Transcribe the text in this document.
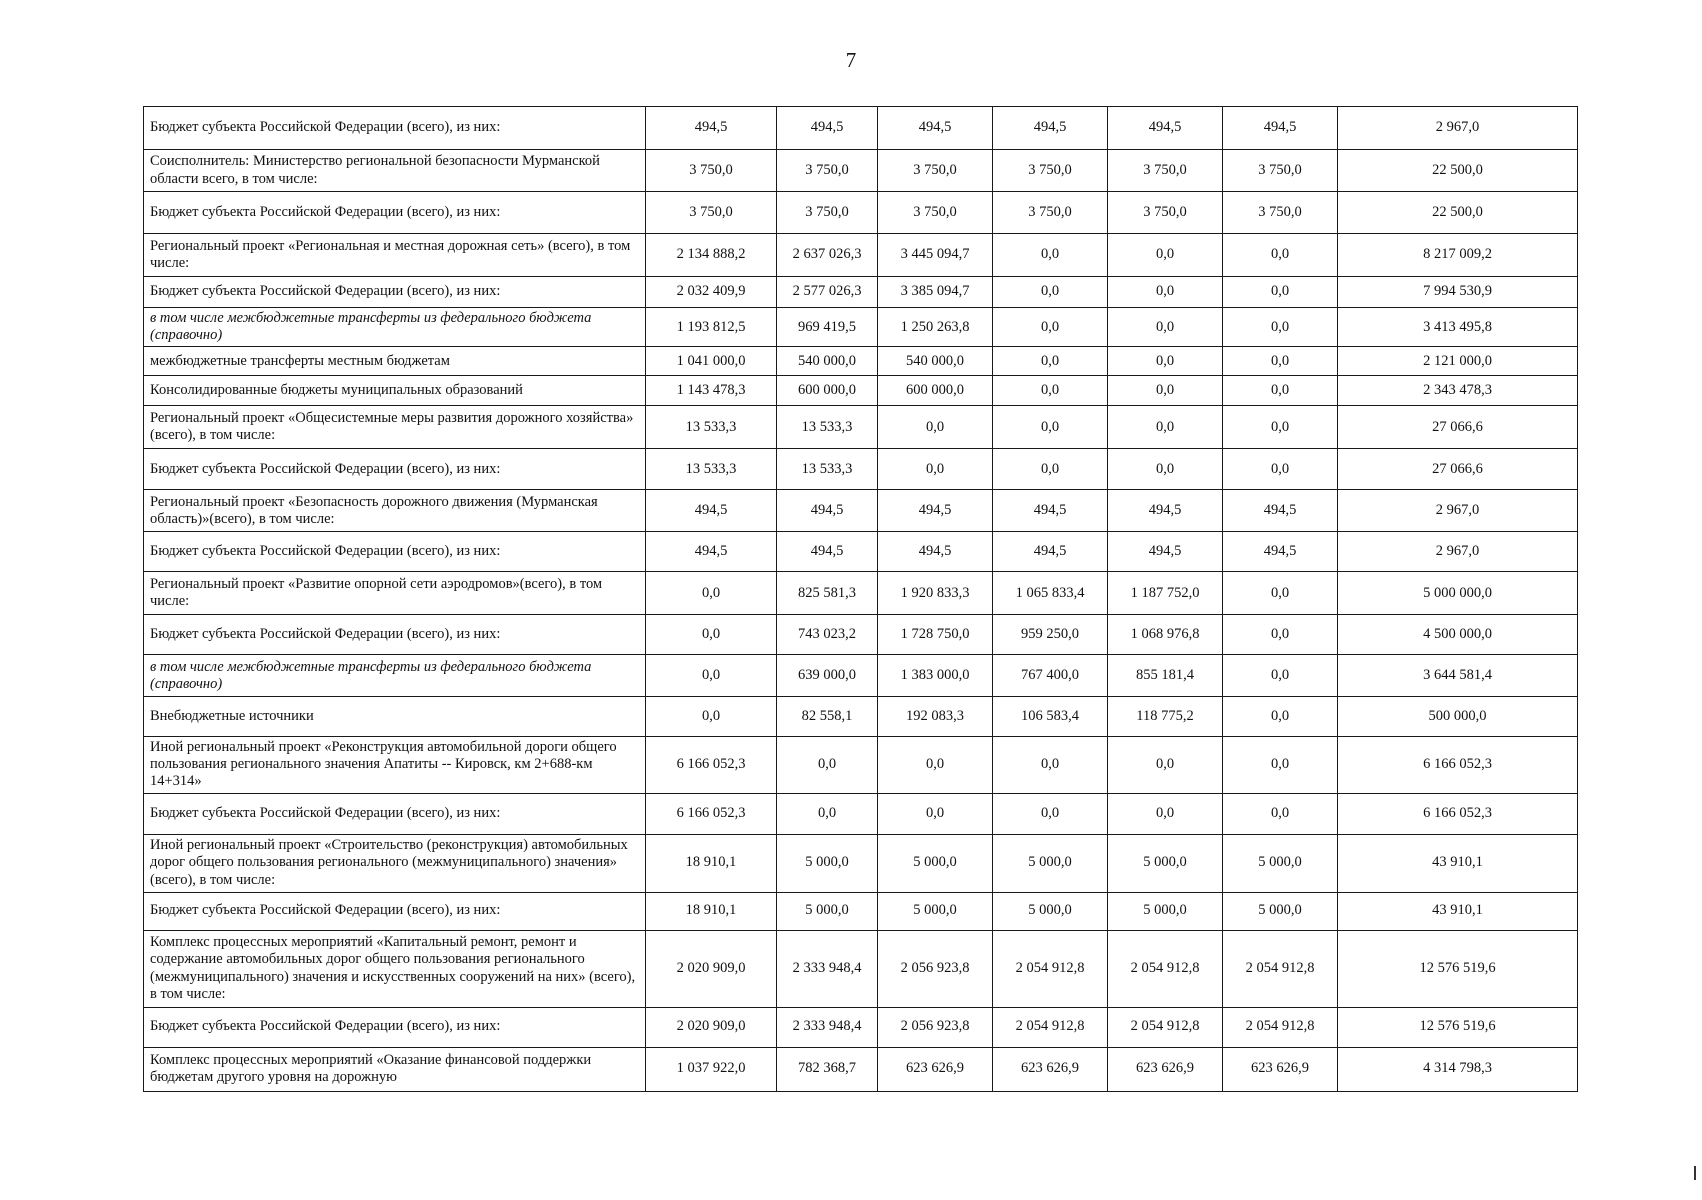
7
Бюджет субъекта Российской Федерации (всего), из них:	494,5	494,5	494,5	494,5	494,5	494,5	2 967,0
Соисполнитель: Министерство региональной безопасности Мурманской области всего, в том числе:	3 750,0	3 750,0	3 750,0	3 750,0	3 750,0	3 750,0	22 500,0
Бюджет субъекта Российской Федерации (всего), из них:	3 750,0	3 750,0	3 750,0	3 750,0	3 750,0	3 750,0	22 500,0
Региональный проект «Региональная и местная дорожная сеть» (всего), в том числе:	2 134 888,2	2 637 026,3	3 445 094,7	0,0	0,0	0,0	8 217 009,2
Бюджет субъекта Российской Федерации (всего), из них:	2 032 409,9	2 577 026,3	3 385 094,7	0,0	0,0	0,0	7 994 530,9
в том числе межбюджетные трансферты из федерального бюджета (справочно)	1 193 812,5	969 419,5	1 250 263,8	0,0	0,0	0,0	3 413 495,8
межбюджетные трансферты местным бюджетам	1 041 000,0	540 000,0	540 000,0	0,0	0,0	0,0	2 121 000,0
Консолидированные бюджеты муниципальных образований	1 143 478,3	600 000,0	600 000,0	0,0	0,0	0,0	2 343 478,3
Региональный проект «Общесистемные меры развития дорожного хозяйства» (всего), в том числе:	13 533,3	13 533,3	0,0	0,0	0,0	0,0	27 066,6
Бюджет субъекта Российской Федерации (всего), из них:	13 533,3	13 533,3	0,0	0,0	0,0	0,0	27 066,6
Региональный проект «Безопасность дорожного движения (Мурманская область)»(всего), в том числе:	494,5	494,5	494,5	494,5	494,5	494,5	2 967,0
Бюджет субъекта Российской Федерации (всего), из них:	494,5	494,5	494,5	494,5	494,5	494,5	2 967,0
Региональный проект «Развитие опорной сети аэродромов»(всего), в том числе:	0,0	825 581,3	1 920 833,3	1 065 833,4	1 187 752,0	0,0	5 000 000,0
Бюджет субъекта Российской Федерации (всего), из них:	0,0	743 023,2	1 728 750,0	959 250,0	1 068 976,8	0,0	4 500 000,0
в том числе межбюджетные трансферты из федерального бюджета (справочно)	0,0	639 000,0	1 383 000,0	767 400,0	855 181,4	0,0	3 644 581,4
Внебюджетные источники	0,0	82 558,1	192 083,3	106 583,4	118 775,2	0,0	500 000,0
Иной региональный проект «Реконструкция автомобильной дороги общего пользования регионального значения Апатиты -- Кировск, км 2+688-км 14+314»	6 166 052,3	0,0	0,0	0,0	0,0	0,0	6 166 052,3
Бюджет субъекта Российской Федерации (всего), из них:	6 166 052,3	0,0	0,0	0,0	0,0	0,0	6 166 052,3
Иной региональный проект «Строительство (реконструкция) автомобильных дорог общего пользования регионального (межмуниципального) значения» (всего), в том числе:	18 910,1	5 000,0	5 000,0	5 000,0	5 000,0	5 000,0	43 910,1
Бюджет субъекта Российской Федерации (всего), из них:	18 910,1	5 000,0	5 000,0	5 000,0	5 000,0	5 000,0	43 910,1
Комплекс процессных мероприятий «Капитальный ремонт, ремонт и содержание автомобильных дорог общего пользования регионального (межмуниципального) значения и искусственных сооружений на них» (всего), в том числе:	2 020 909,0	2 333 948,4	2 056 923,8	2 054 912,8	2 054 912,8	2 054 912,8	12 576 519,6
Бюджет субъекта Российской Федерации (всего), из них:	2 020 909,0	2 333 948,4	2 056 923,8	2 054 912,8	2 054 912,8	2 054 912,8	12 576 519,6
Комплекс процессных мероприятий «Оказание финансовой поддержки бюджетам другого уровня на дорожную	1 037 922,0	782 368,7	623 626,9	623 626,9	623 626,9	623 626,9	4 314 798,3
